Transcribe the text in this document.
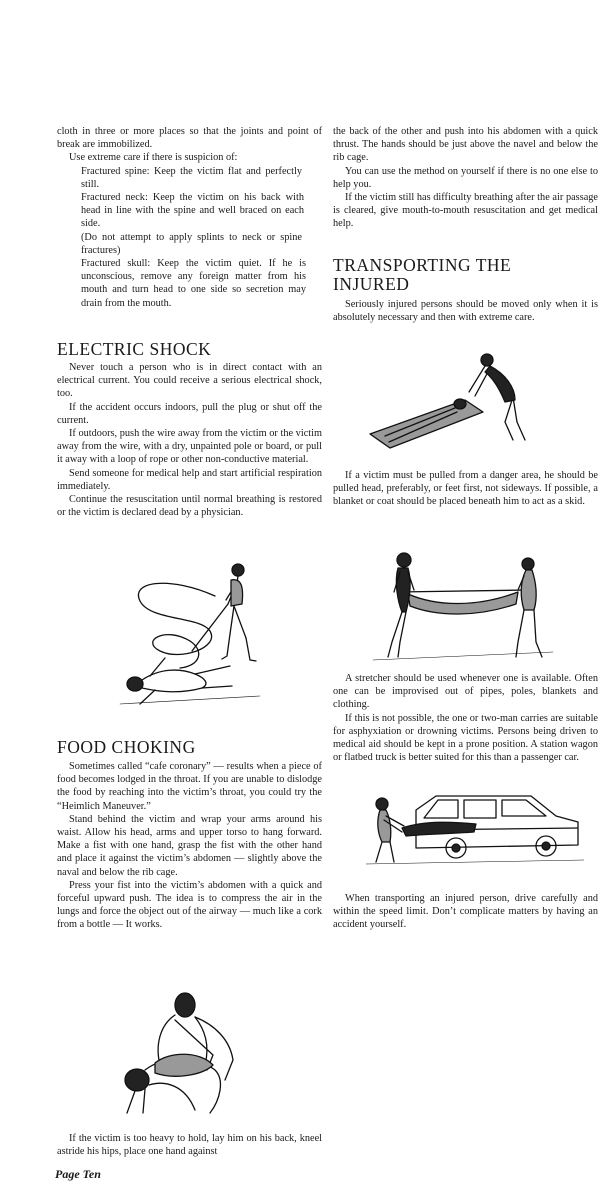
cloth in three or more places so that the joints and point of break are immobilized.

Use extreme care if there is suspicion of:

Fractured spine: Keep the victim flat and perfectly still.

Fractured neck: Keep the victim on his back with head in line with the spine and well braced on each side.

(Do not attempt to apply splints to neck or spine fractures)

Fractured skull: Keep the victim quiet. If he is unconscious, remove any foreign matter from his mouth and turn head to one side so secretion may drain from the mouth.

ELECTRIC SHOCK

Never touch a person who is in direct contact with an electrical current. You could receive a serious electrical shock, too.

If the accident occurs indoors, pull the plug or shut off the current.

If outdoors, push the wire away from the victim or the victim away from the wire, with a dry, unpainted pole or board, or pull it away with a loop of rope or other non-conductive material.

Send someone for medical help and start artificial respiration immediately.

Continue the resuscitation until normal breathing is restored or the victim is declared dead by a physician.

FOOD CHOKING

Sometimes called “cafe coronary” — results when a piece of food becomes lodged in the throat. If you are unable to dislodge the food by reaching into the victim’s throat, you could try the “Heimlich Maneuver.”

Stand behind the victim and wrap your arms around his waist. Allow his head, arms and upper torso to hang forward. Make a fist with one hand, grasp the fist with the other hand and place it against the victim’s abdomen — slightly above the naval and below the rib cage.

Press your fist into the victim’s abdomen with a quick and forceful upward push. The idea is to compress the air in the lungs and force the object out of the airway — much like a cork from a bottle — It works.

If the victim is too heavy to hold, lay him on his back, kneel astride his hips, place one hand against

Page Ten

the back of the other and push into his abdomen with a quick thrust. The hands should be just above the navel and below the rib cage.

You can use the method on yourself if there is no one else to help you.

If the victim still has difficulty breathing after the air passage is cleared, give mouth-to-mouth resuscitation and get medical help.

TRANSPORTING THE
INJURED

Seriously injured persons should be moved only when it is absolutely necessary and then with extreme care.

If a victim must be pulled from a danger area, he should be pulled head, preferably, or feet first, not sideways. If possible, a blanket or coat should be placed beneath him to act as a skid.

A stretcher should be used whenever one is available. Often one can be improvised out of pipes, poles, blankets and clothing.

If this is not possible, the one or two-man carries are suitable for asphyxiation or drowning victims. Persons being driven to medical aid should be kept in a prone position. A station wagon or flatbed truck is better suited for this than a passenger car.

When transporting an injured person, drive carefully and within the speed limit. Don’t complicate matters by having an accident yourself.
